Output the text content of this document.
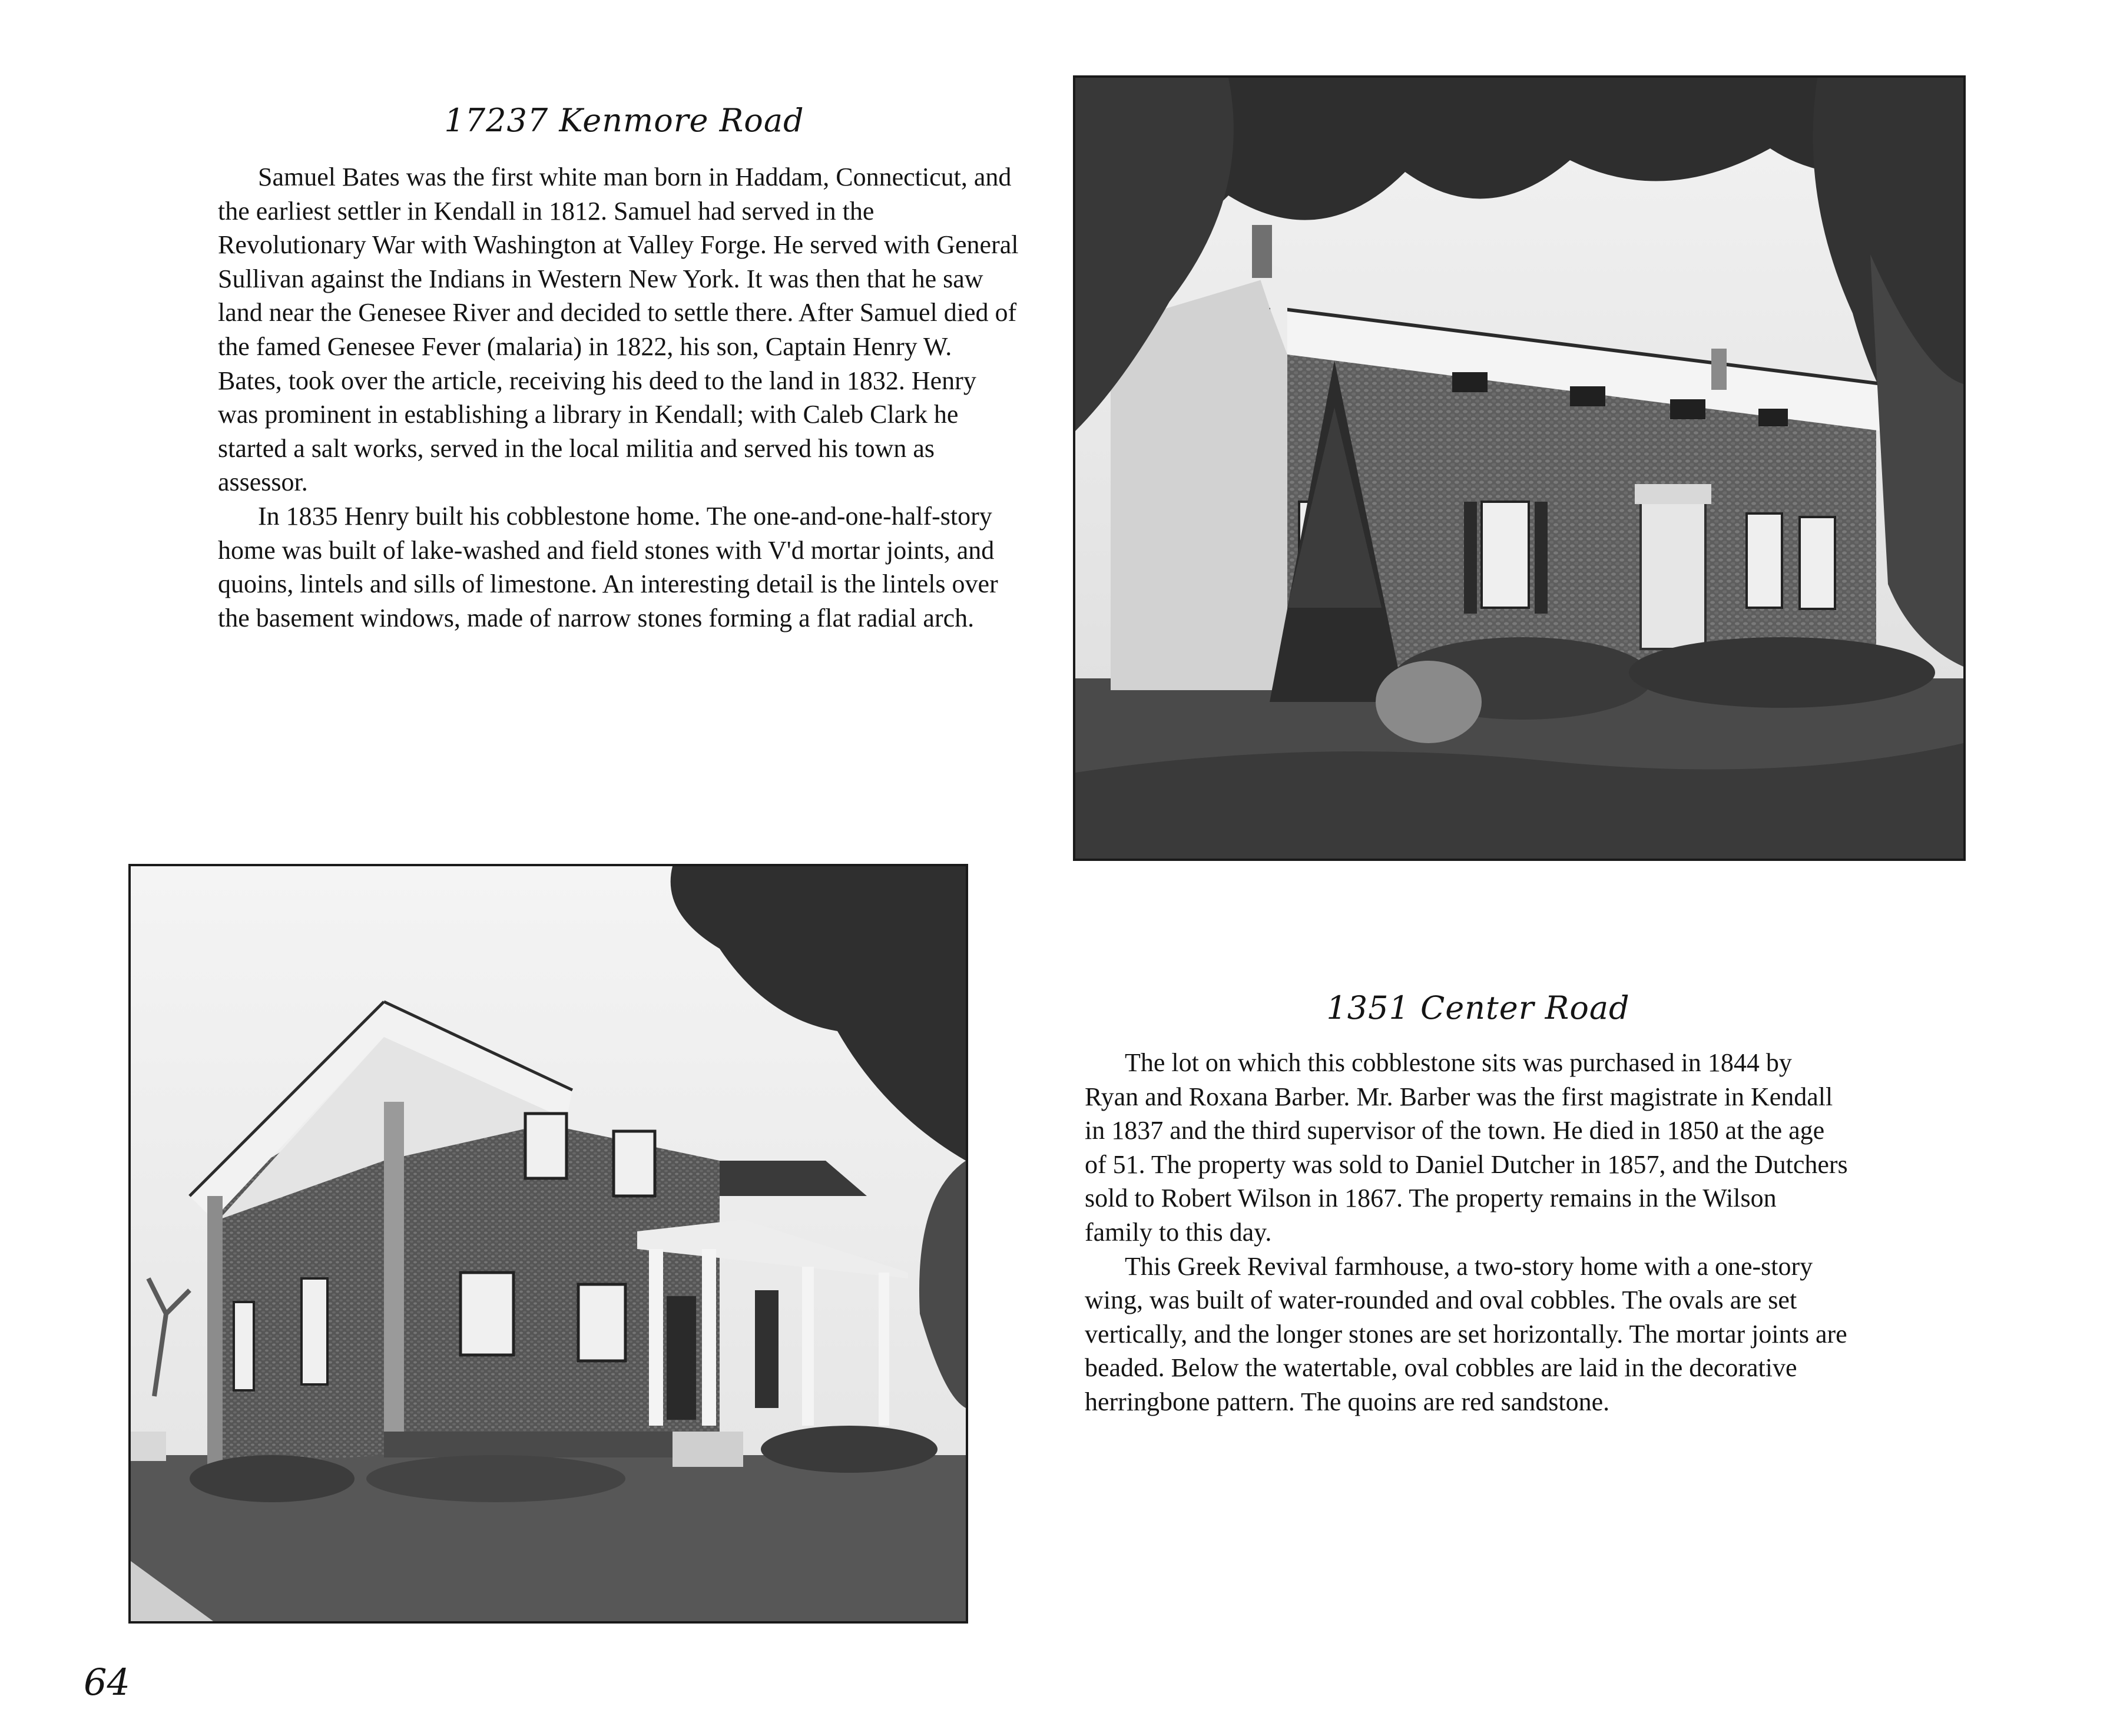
17237 Kenmore Road

Samuel Bates was the first white man born in Haddam, Connecticut, and the earliest settler in Kendall in 1812. Samuel had served in the Revolutionary War with Washington at Valley Forge. He served with General Sullivan against the Indians in Western New York. It was then that he saw land near the Genesee River and decided to settle there. After Samuel died of the famed Genesee Fever (malaria) in 1822, his son, Captain Henry W. Bates, took over the article, receiving his deed to the land in 1832. Henry was prominent in establishing a library in Kendall; with Caleb Clark he started a salt works, served in the local militia and served his town as assessor.

In 1835 Henry built his cobblestone home. The one-and-one-half-story home was built of lake-washed and field stones with V'd mortar joints, and quoins, lintels and sills of limestone. An interesting detail is the lintels over the basement windows, made of narrow stones forming a flat radial arch.

1351 Center Road

The lot on which this cobblestone sits was purchased in 1844 by Ryan and Roxana Barber. Mr. Barber was the first magistrate in Kendall in 1837 and the third supervisor of the town. He died in 1850 at the age of 51. The property was sold to Daniel Dutcher in 1857, and the Dutchers sold to Robert Wilson in 1867. The property remains in the Wilson family to this day.

This Greek Revival farmhouse, a two-story home with a one-story wing, was built of water-rounded and oval cobbles. The ovals are set vertically, and the longer stones are set horizontally. The mortar joints are beaded. Below the watertable, oval cobbles are laid in the decorative herringbone pattern. The quoins are red sandstone.

64
